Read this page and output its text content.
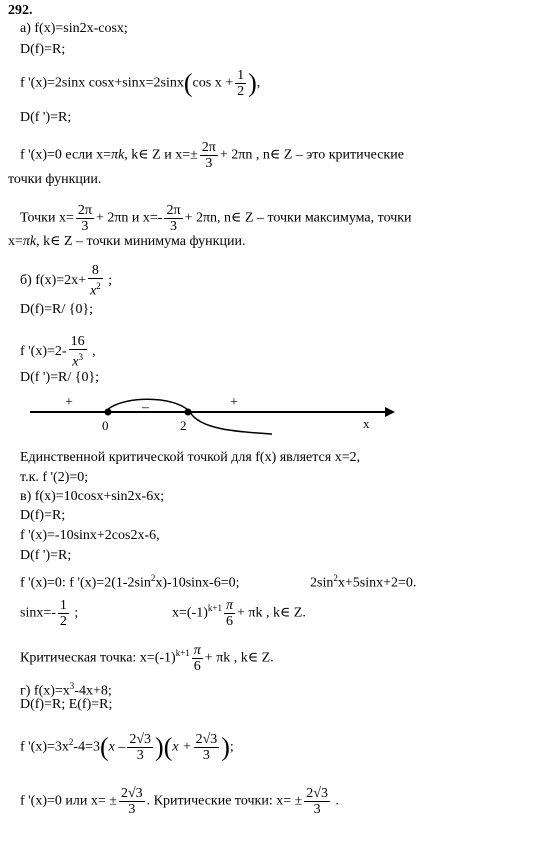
292.
а) f(x)=sin2x-cosx;
D(f)=R;
f '(x)=2sinx cosx+sinx=2sinx(cos $x + \frac{1}{2}$ ),
D(f ')=R;
f '(x)=0 если x=πk, k∈ Z и $x=\pm \frac{2\pi}{3} + 2\pi n$ , n∈ Z – это критические
точки функции.
Точки $x= \frac{2\pi}{3} + 2\pi n$ и $x=- \frac{2\pi}{3} + 2\pi n$, n∈ Z – точки максимума, точки
x=πk, k∈ Z – точки минимума функции.
б) $f(x)=2x+ \frac{8}{x^2}$ ;
D(f)=R/ {0};
f '$(x)=2- \frac{16}{x^3}$ ,
D(f ')=R/ {0};
+	–	+
0	2	x
Единственной критической точкой для f(x) является x=2,
т.к. f '(2)=0;
в) f(x)=10cosx+sin2x-6x;
D(f)=R;
f '(x)=-10sinx+2cos2x-6,
D(f ')=R;
f '(x)=0: f '$(x)=2(1-2\sin^2x)-10\sin x-6=0$;	$2\sin^2x+5\sin x+2=0$.
$\sin x=- \frac{1}{2}$ ;	$x=(-1)^{k+1} \frac{\pi}{6} + \pi k$ , k∈ Z.
Критическая точка: $x=(-1)^{k+1} \frac{\pi}{6} + \pi k$ , k∈ Z.
г) $f(x)=x^3-4x+8$;
D(f)=R; E(f)=R;
f '$(x)=3x^2-4=3(x - \frac{2√3}{3} )(x + \frac{2√3}{3}$ );
f '(x)=0 или $x= \pm \frac{2√3}{3}$ . Критические точки: $x= \pm \frac{2√3}{3}$ .
